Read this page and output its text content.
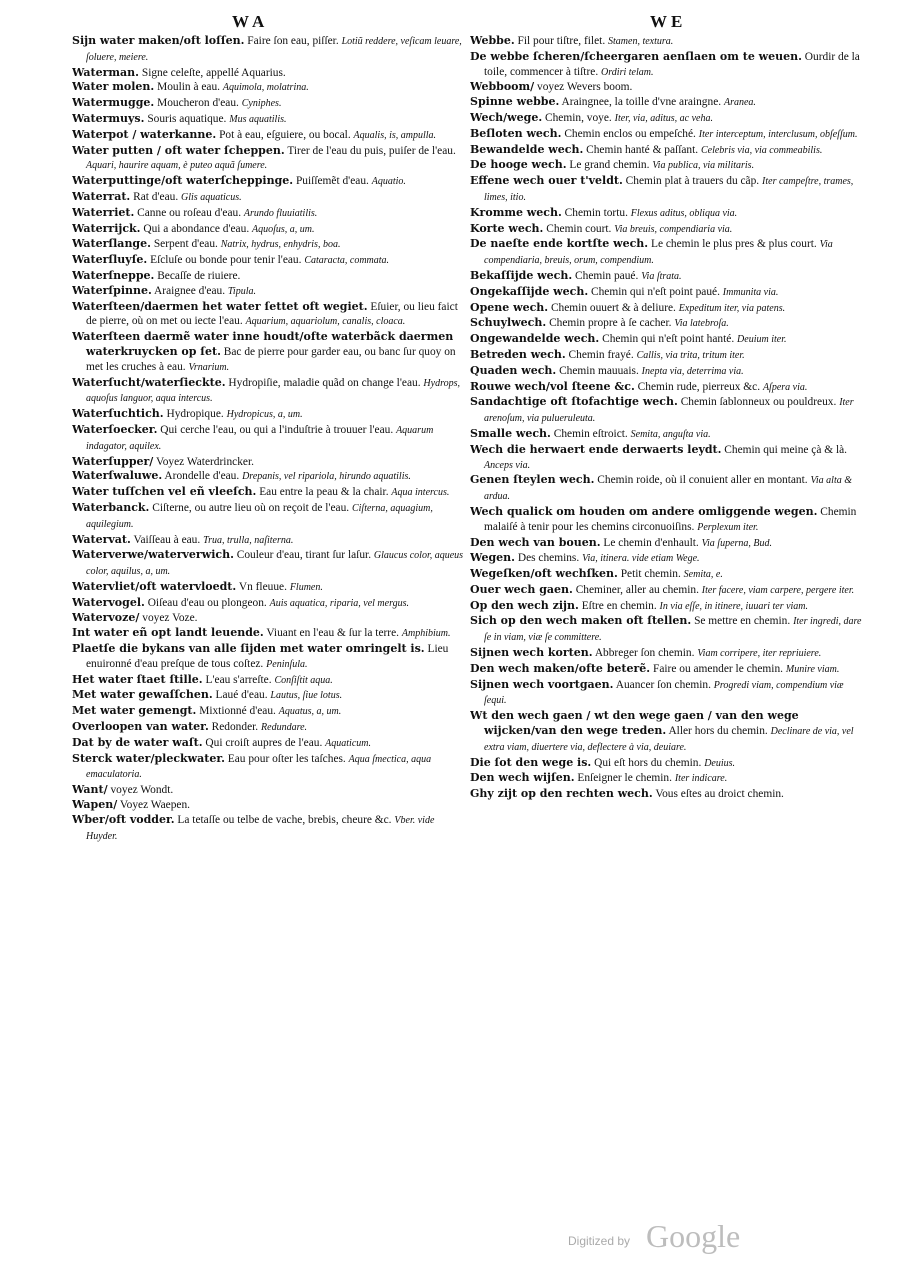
W A	W E
Sijn water maken/oft loſſen. Faire ſon eau, piſſer. Lotiũ reddere, veſicam leuare, ſoluere, meiere.
Waterman. Signe celeſte, appellé Aquarius.
Water molen. Moulin à eau. Aquimola, molatrina.
Watermugge. Moucheron d'eau. Cyniphes.
Watermuys. Souris aquatique. Mus aquatilis.
Waterpot / waterkanne. Pot à eau, eſguiere, ou bocal. Aqualis, is, ampulla.
Water putten / oft water ſcheppen. Tirer de l'eau du puis, puiſer de l'eau. Aquari, haurire aquam, è puteo aquã ſumere.
Waterputtinge/oft waterſcheppinge. Puiſſemẽt d'eau. Aquatio.
Waterrat. Rat d'eau. Glis aquaticus.
Waterriet. Canne ou roſeau d'eau. Arundo fluuiatilis.
Waterrijck. Qui a abondance d'eau. Aquoſus, a, um.
Waterſlange. Serpent d'eau. Natrix, hydrus, enhydris, boa.
Waterſluyſe. Eſcluſe ou bonde pour tenir l'eau. Cataracta, commata.
Waterſneppe. Becaſſe de riuiere.
Waterſpinne. Araignee d'eau. Tipula.
Waterſteen/daermen het water ſettet oft wegiet. Eſuier, ou lieu faict de pierre, où on met ou iecte l'eau. Aquarium, aquariolum, canalis, cloaca.
Waterſteen daermẽ water inne houdt/ofte waterbãck daermen waterkruycken op ſet. Bac de pierre pour garder eau, ou banc ſur quoy on met les cruches à eau. Vrnarium.
Waterſucht/waterſieckte. Hydropiſie, maladie quãd on change l'eau. Hydrops, aquoſus languor, aqua intercus.
Waterſuchtich. Hydropique. Hydropicus, a, um.
Waterſoecker. Qui cerche l'eau, ou qui a l'induſtrie à trouuer l'eau. Aquarum indagator, aquilex.
Waterſupper/ Voyez Waterdrincker.
Waterſwaluwe. Arondelle d'eau. Drepanis, vel ripariola, hirundo aquatilis.
Water tuſſchen vel eñ vleeſch. Eau entre la peau & la chair. Aqua intercus.
Waterbanck. Ciſterne, ou autre lieu où on reçoit de l'eau. Ciſterna, aquagium, aquilegium.
Watervat. Vaiſſeau à eau. Trua, trulla, naſiterna.
Waterverwe/waterverwich. Couleur d'eau, tirant ſur laſur. Glaucus color, aqueus color, aquilus, a, um.
Watervliet/oft watervloedt. Vn fleuue. Flumen.
Watervogel. Oiſeau d'eau ou plongeon. Auis aquatica, riparia, vel mergus.
Watervoze/ voyez Voze.
Int water eñ opt landt leuende. Viuant en l'eau & ſur la terre. Amphibium.
Plaetſe die bykans van alle ſijden met water omringelt is. Lieu enuironné d'eau preſque de tous coſtez. Peninſula.
Het water ſtaet ſtille. L'eau s'arreſte. Conſiſtit aqua.
Met water gewaſſchen. Laué d'eau. Lautus, ſiue lotus.
Met water gemengt. Mixtionné d'eau. Aquatus, a, um.
Overloopen van water. Redonder. Redundare.
Dat by de water waſt. Qui croiſt aupres de l'eau. Aquaticum.
Sterck water/pleckwater. Eau pour oſter les taſches. Aqua ſmectica, aqua emaculatoria.
Want/ voyez Wondt.
Wapen/ Voyez Waepen.
Wber/oft vodder. La tetaſſe ou telbe de vache, brebis, cheure &c. Vber. vide Huyder.
Webbe. Fil pour tiſtre, filet. Stamen, textura.
De webbe ſcheren/ſcheergaren aenſlaen om te weuen. Ourdir de la toile, commencer à tiſtre. Ordiri telam.
Webboom/ voyez Wevers boom.
Spinne webbe. Araingnee, la toille d'vne araingne. Aranea.
Wech/wege. Chemin, voye. Iter, via, aditus, ac veha.
Beſloten wech. Chemin enclos ou empeſché. Iter interceptum, interclusum, obſeſſum.
Bewandelde wech. Chemin hanté & paſſant. Celebris via, via commeabilis.
De hooge wech. Le grand chemin. Via publica, via militaris.
Effene wech ouer t'veldt. Chemin plat à trauers du cãp. Iter campeſtre, trames, limes, itio.
Kromme wech. Chemin tortu. Flexus aditus, obliqua via.
Korte wech. Chemin court. Via breuis, compendiaria via.
De naeſte ende kortſte wech. Le chemin le plus pres & plus court. Via compendiaria, breuis, orum, compendium.
Bekaſſijde wech. Chemin paué. Via ſtrata.
Ongekaſſijde wech. Chemin qui n'eſt point paué. Immunita via.
Opene wech. Chemin ouuert & à deliure. Expeditum iter, via patens.
Schuylwech. Chemin propre à ſe cacher. Via latebroſa.
Ongewandelde wech. Chemin qui n'eſt point hanté. Deuium iter.
Betreden wech. Chemin frayé. Callis, via trita, tritum iter.
Quaden wech. Chemin mauuais. Inepta via, deterrima via.
Rouwe wech/vol ſteene &c. Chemin rude, pierreux &c. Aſpera via.
Sandachtige oft ſtofachtige wech. Chemin ſablonneux ou pouldreux. Iter arenoſum, via pulueruleuta.
Smalle wech. Chemin eſtroict. Semita, anguſta via.
Wech die herwaert ende derwaerts leydt. Chemin qui meine çà & là. Anceps via.
Genen ſteylen wech. Chemin roide, où il conuient aller en montant. Via alta & ardua.
Wech qualick om houden om andere omliggende wegen. Chemin malaiſé à tenir pour les chemins circonuoiſins. Perplexum iter.
Den wech van bouen. Le chemin d'enhault. Via ſuperna, Bud.
Wegen. Des chemins. Via, itinera. vide etiam Wege.
Wegeſken/oft wechſken. Petit chemin. Semita, e.
Ouer wech gaen. Cheminer, aller au chemin. Iter facere, viam carpere, pergere iter.
Op den wech zijn. Eſtre en chemin. In via eſſe, in itinere, iuuari ter viam.
Sich op den wech maken oft ſtellen. Se mettre en chemin. Iter ingredi, dare ſe in viam, viæ ſe committere.
Sijnen wech korten. Abbreger ſon chemin. Viam corripere, iter repriuiere.
Den wech maken/ofte beterẽ. Faire ou amender le chemin. Munire viam.
Sijnen wech voortgaen. Auancer ſon chemin. Progredi viam, compendium viæ ſequi.
Wt den wech gaen / wt den wege gaen / van den wege wijcken/van den wege treden. Aller hors du chemin. Declinare de via, vel extra viam, diuertere via, deflectere à via, deuiare.
Die ſot den wege is. Qui eſt hors du chemin. Deuius.
Den wech wijſen. Enſeigner le chemin. Iter indicare.
Ghy zijt op den rechten wech. Vous eſtes au droict chemin.
Digitized by Google
